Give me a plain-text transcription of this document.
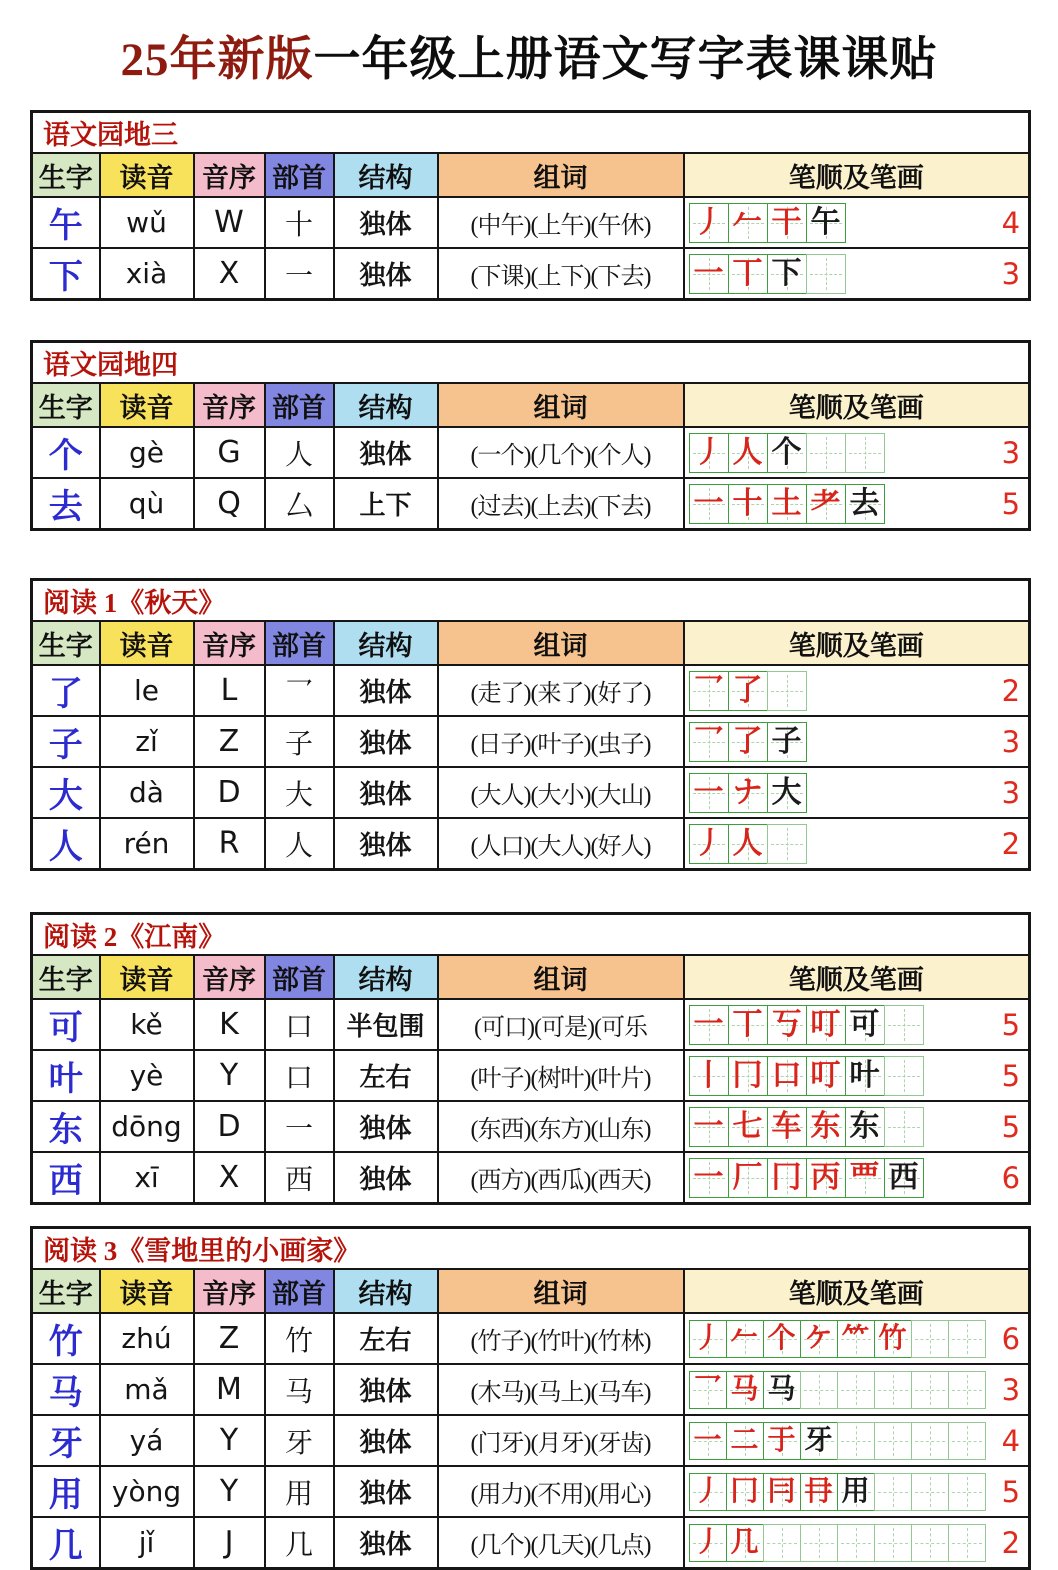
25年新版 一年级上册语文写字表课课贴
语文园地三						
生字	读音	音序	部首	结构	组词	笔顺及笔画
午	wǔ	W	十	独体	(中午)(上午)(午休)	丿 𠂉 干 午 4

下	xià	X	一	独体	(下课)(上下)(下去)	一 丅 下 3
语文园地四						
生字	读音	音序	部首	结构	组词	笔顺及笔画
个	gè	G	人	独体	(一个)(几个)(个人)	丿 人 个 3

去	qù	Q	厶	上下	(过去)(上去)(下去)	一 十 土 耂 去	5
阅读 1《秋天》						
生字	读音	音序	部首	结构	组词	笔顺及笔画
了	le	L	乛	独体	(走了)(来了)(好了)	乛 了 2

子	zǐ	Z	子	独体	(日子)(叶子)(虫子)	乛 了 子 3

大	dà	D	大	独体	(大人)(大小)(大山)	一 ナ 大 3

人	rén	R	人	独体	(人口)(大人)(好人)	丿 人 2
阅读 2《江南》						
生字	读音	音序	部首	结构	组词	笔顺及笔画
可	kě	K	口	半包围	(可口)(可是)(可乐	一 丅 丂 叮 可	5

叶	yè	Y	口	左右	(叶子)(树叶)(叶片)	丨 冂 口 叮 叶	5

东	dōng	D	一	独体	(东西)(东方)(山东)	一 七 车 东 东	5

西	xī	X	西	独体	(西方)(西瓜)(西天)	一 厂 冂 丙 覀 西	6
阅读 3《雪地里的小画家》						
生字	读音	音序	部首	结构	组词	笔顺及笔画
竹	zhú	Z	竹	左右	(竹子)(竹叶)(竹林)	丿 𠂉 个 ケ ⺮ 竹	6

马	mǎ	M	马	独体	(木马)(马上)(马车)	乛 马 马 3

牙	yá	Y	牙	独体	(门牙)(月牙)(牙齿)	一 二 于 牙 4

用	yòng	Y	用	独体	(用力)(不用)(用心)	丿 冂 冃 冄 用	5

几	jǐ	J	几	独体	(几个)(几天)(几点)	丿 几 2
